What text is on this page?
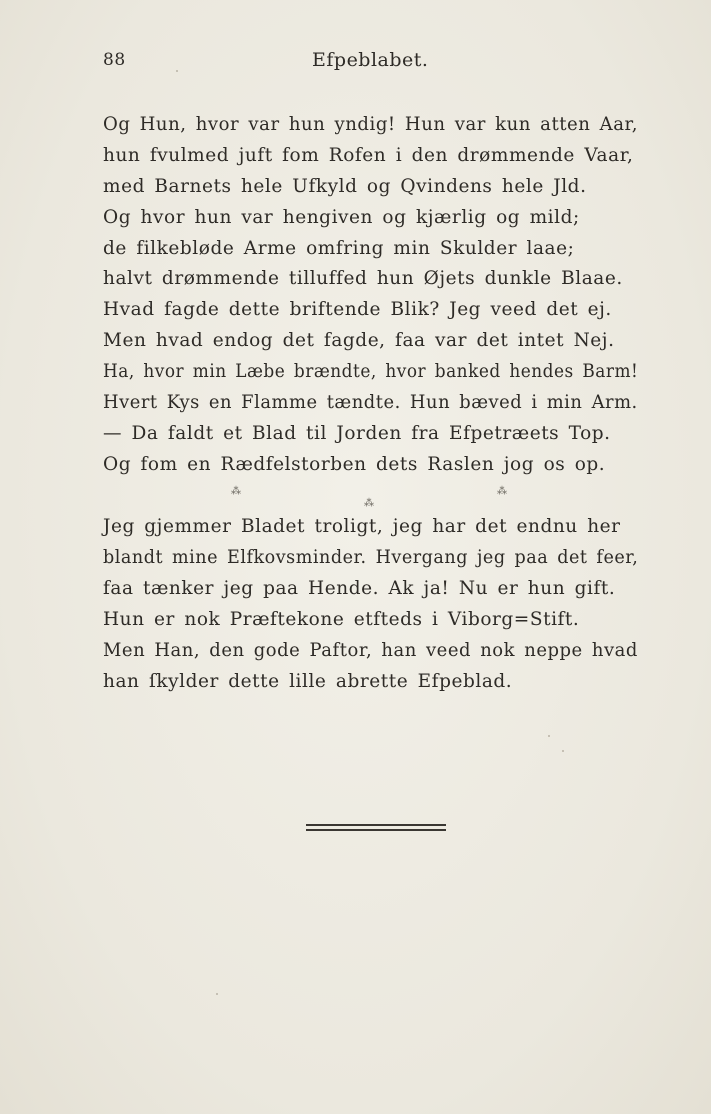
88	Efpeblabet.
Og Hun, hvor var hun yndig! Hun var kun atten Aar,
hun fvulmed juft fom Rofen i den drømmende Vaar,
med Barnets hele Ufkyld og Qvindens hele Jld.
Og hvor hun var hengiven og kjærlig og mild;
de filkebløde Arme omfring min Skulder laae;
halvt drømmende tilluffed hun Øjets dunkle Blaae.
Hvad fagde dette briftende Blik? Jeg veed det ej.
Men hvad endog det fagde, faa var det intet Nej.
Ha, hvor min Læbe brændte, hvor banked hendes Barm!
Hvert Kys en Flamme tændte. Hun bæved i min Arm.
— Da faldt et Blad til Jorden fra Efpetræets Top.
Og fom en Rædfelstorben dets Raslen jog os op.
⁂
⁂
⁂
Jeg gjemmer Bladet troligt, jeg har det endnu her
blandt mine Elfkovsminder. Hvergang jeg paa det feer,
faa tænker jeg paa Hende. Ak ja! Nu er hun gift.
Hun er nok Præftekone etfteds i Viborg=Stift.
Men Han, den gode Paftor, han veed nok neppe hvad
han ſkylder dette lille abrette Efpeblad.
